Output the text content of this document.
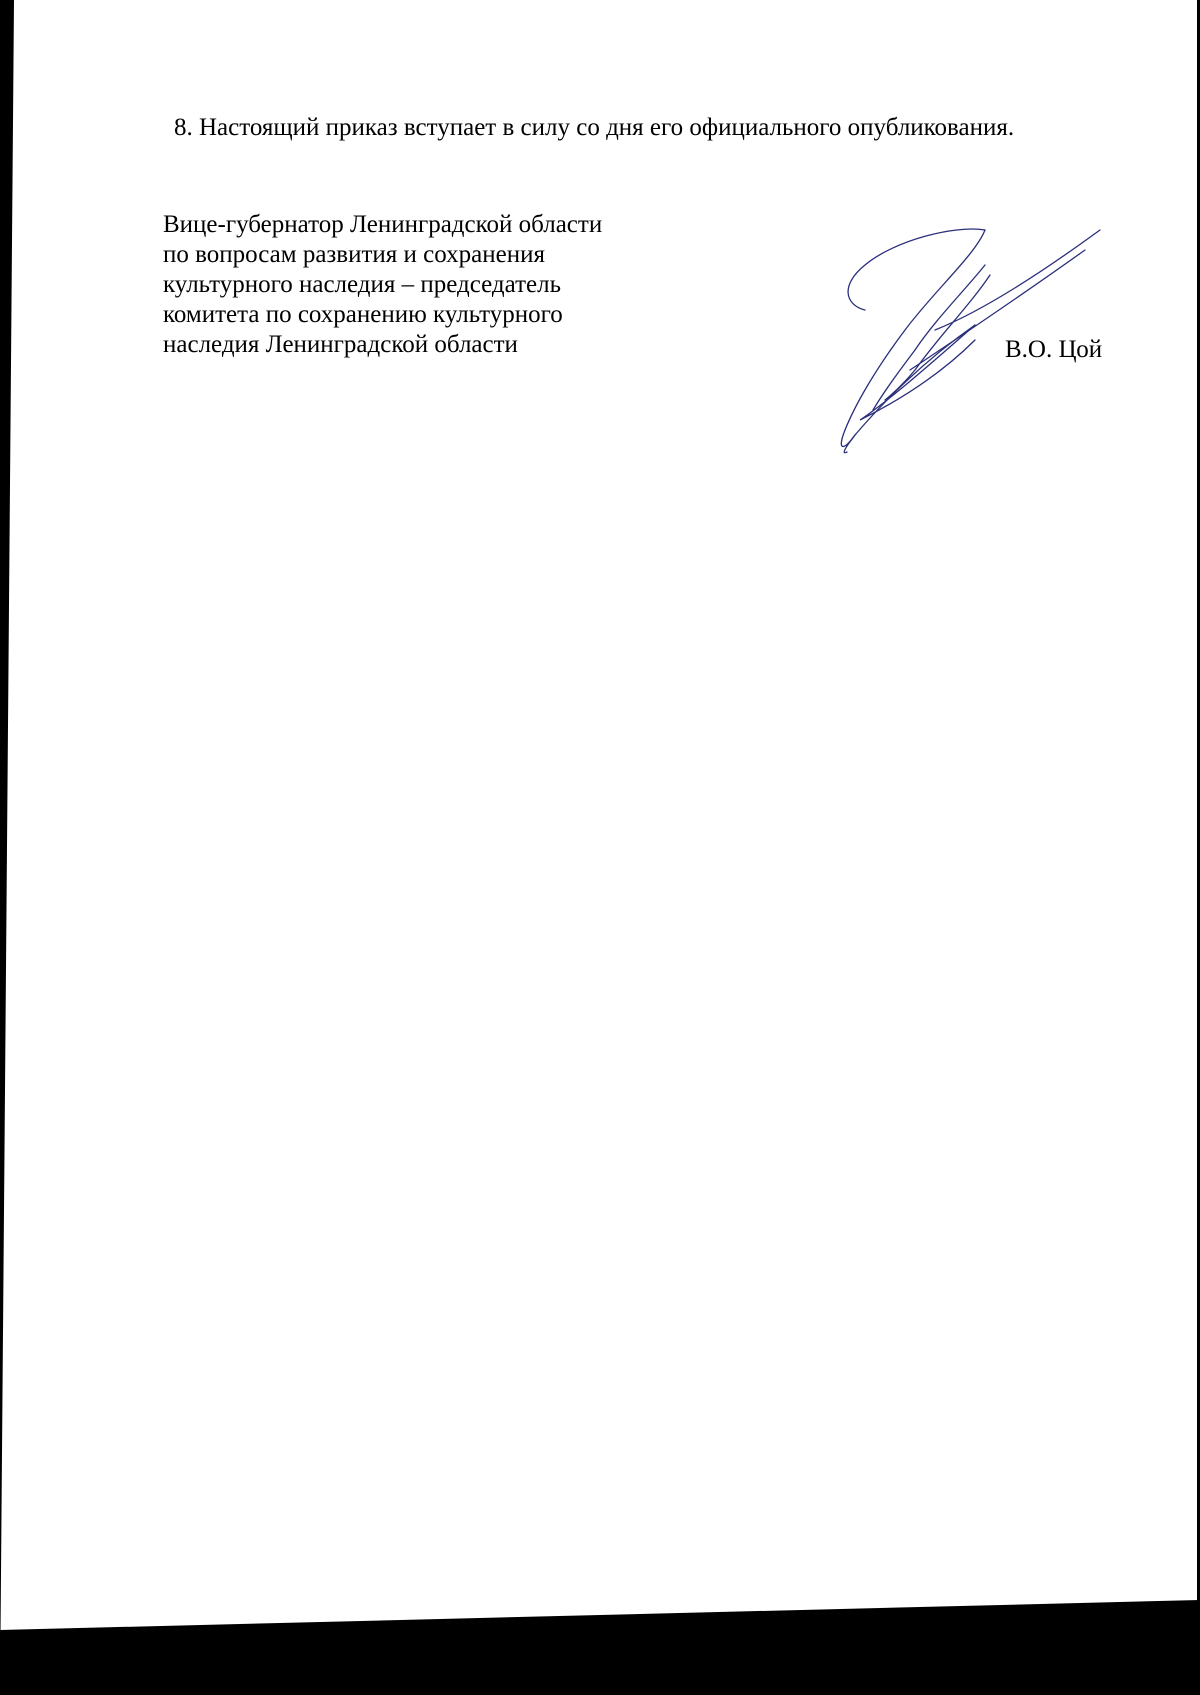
8. Настоящий приказ вступает в силу со дня его официального опубликования.

Вице-губернатор Ленинградской области
по вопросам развития и сохранения
культурного наследия – председатель
комитета по сохранению культурного
наследия Ленинградской области	В.О. Цой
